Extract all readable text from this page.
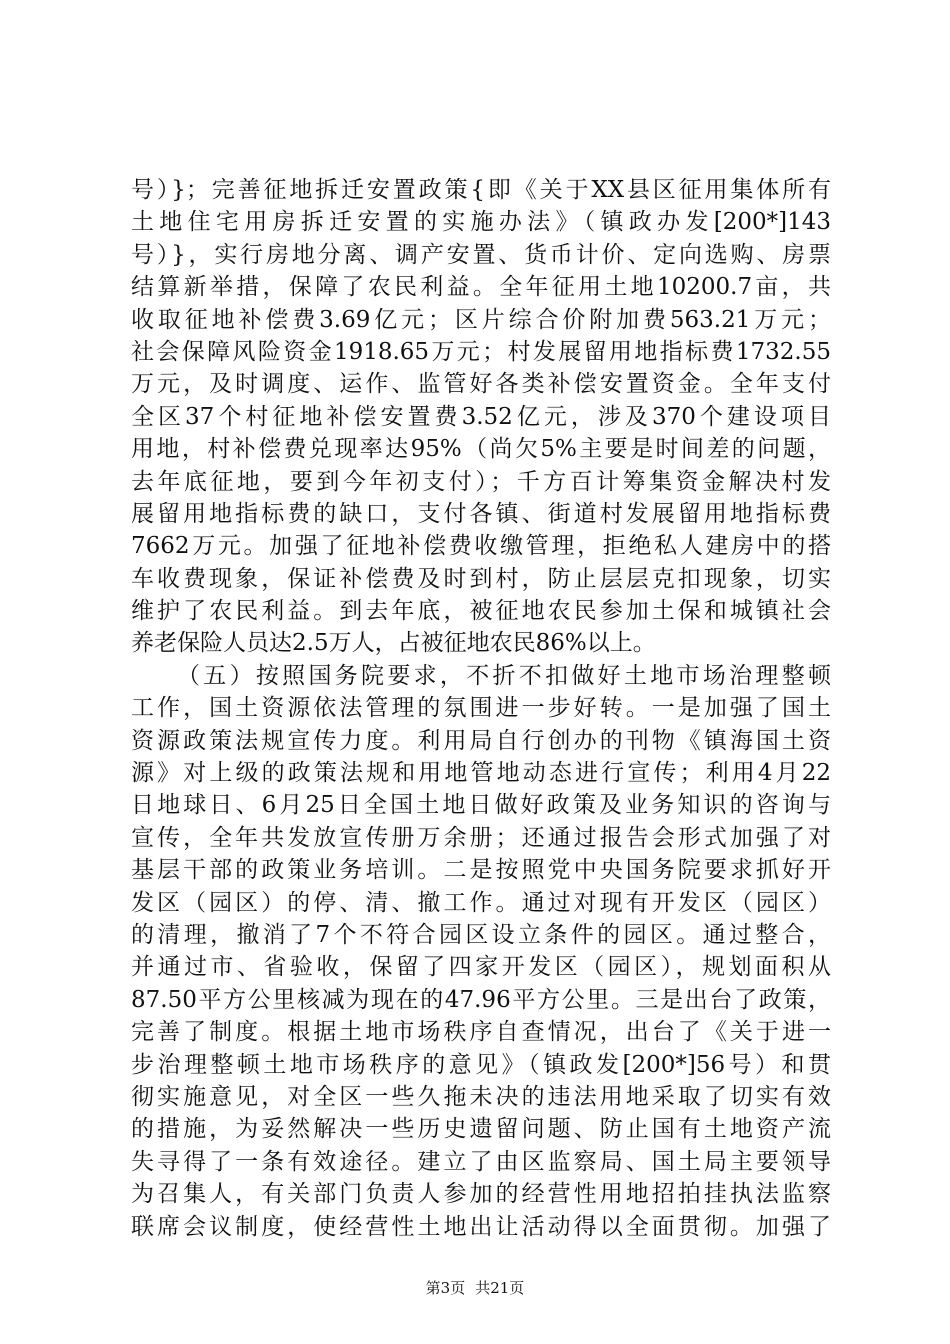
号）}；完善征地拆迁安置政策{即《关于XX县区征用集体所有
土地住宅用房拆迁安置的实施办法》（镇政办发[200*]143
号）}，实行房地分离、调产安置、货币计价、定向选购、房票
结算新举措，保障了农民利益。全年征用土地10200.7亩，共
收取征地补偿费3.69亿元；区片综合价附加费563.21万元；
社会保障风险资金1918.65万元；村发展留用地指标费1732.55
万元，及时调度、运作、监管好各类补偿安置资金。全年支付
全区37个村征地补偿安置费3.52亿元，涉及370个建设项目
用地，村补偿费兑现率达95%（尚欠5%主要是时间差的问题，
去年底征地，要到今年初支付）；千方百计筹集资金解决村发
展留用地指标费的缺口，支付各镇、街道村发展留用地指标费
7662万元。加强了征地补偿费收缴管理，拒绝私人建房中的搭
车收费现象，保证补偿费及时到村，防止层层克扣现象，切实
维护了农民利益。到去年底，被征地农民参加土保和城镇社会
养老保险人员达2.5万人，占被征地农民86%以上。
（五）按照国务院要求，不折不扣做好土地市场治理整顿
工作，国土资源依法管理的氛围进一步好转。一是加强了国土
资源政策法规宣传力度。利用局自行创办的刊物《镇海国土资
源》对上级的政策法规和用地管地动态进行宣传；利用4月22
日地球日、6月25日全国土地日做好政策及业务知识的咨询与
宣传，全年共发放宣传册万余册；还通过报告会形式加强了对
基层干部的政策业务培训。二是按照党中央国务院要求抓好开
发区（园区）的停、清、撤工作。通过对现有开发区（园区）
的清理，撤消了7个不符合园区设立条件的园区。通过整合，
并通过市、省验收，保留了四家开发区（园区），规划面积从
87.50平方公里核减为现在的47.96平方公里。三是出台了政策，
完善了制度。根据土地市场秩序自查情况，出台了《关于进一
步治理整顿土地市场秩序的意见》（镇政发[200*]56号）和贯
彻实施意见，对全区一些久拖未决的违法用地采取了切实有效
的措施，为妥然解决一些历史遗留问题、防止国有土地资产流
失寻得了一条有效途径。建立了由区监察局、国土局主要领导
为召集人，有关部门负责人参加的经营性用地招拍挂执法监察
联席会议制度，使经营性土地出让活动得以全面贯彻。加强了
第3页 共21页
